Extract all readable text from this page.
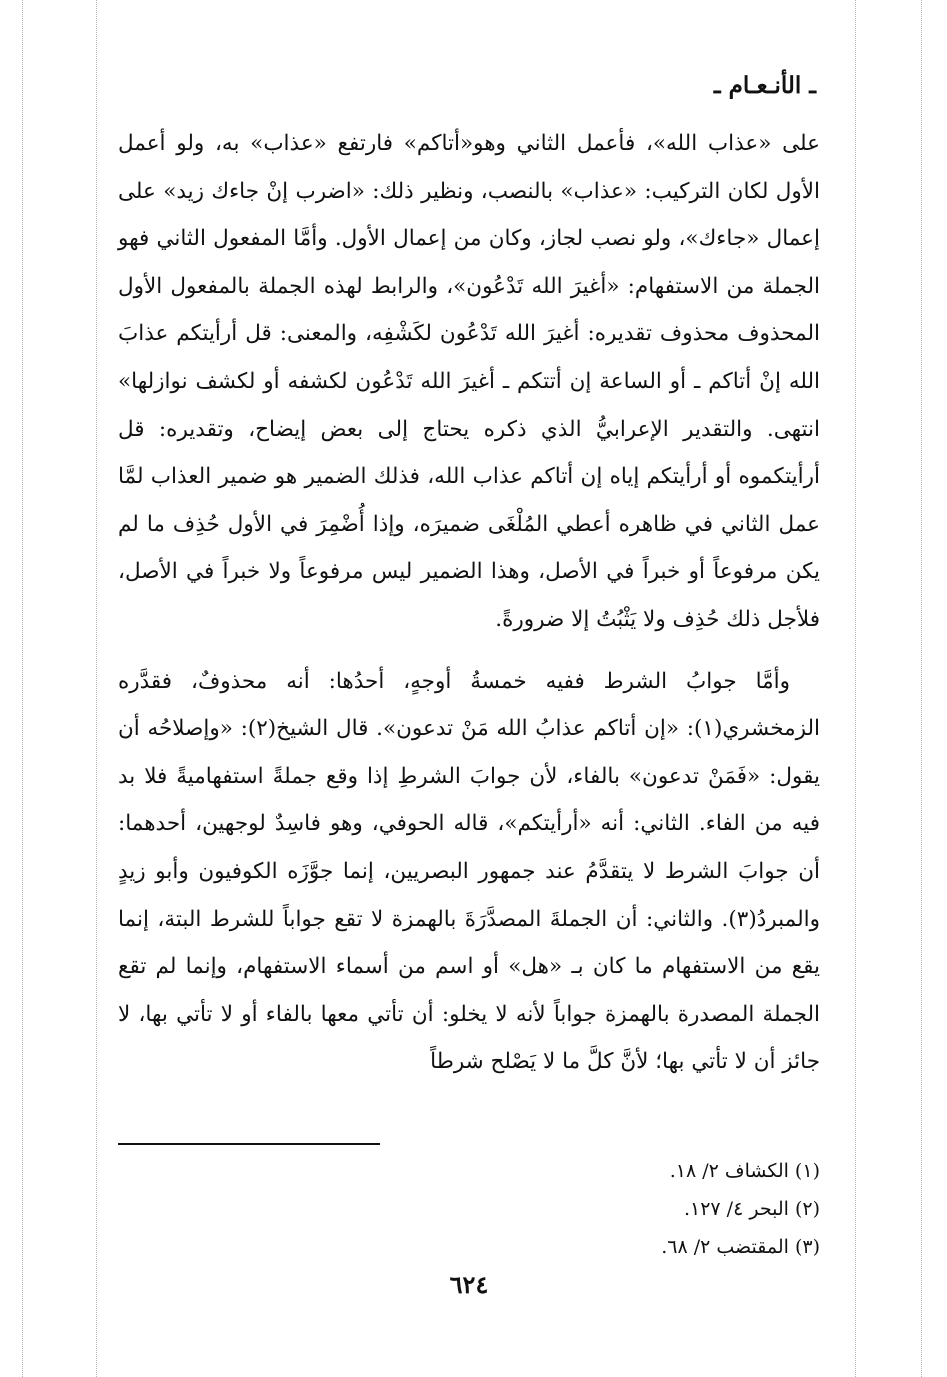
ـ الأنـعـام ـ

على «عذاب الله»، فأعمل الثاني وهو«أتاكم» فارتفع «عذاب» به، ولو أعمل الأول لكان التركيب: «عذاب» بالنصب، ونظير ذلك: «اضرب إنْ جاءك زيد» على إعمال «جاءك»، ولو نصب لجاز، وكان من إعمال الأول. وأمَّا المفعول الثاني فهو الجملة من الاستفهام: «أغيرَ الله تَدْعُون»، والرابط لهذه الجملة بالمفعول الأول المحذوف محذوف تقديره: أغيرَ الله تَدْعُون لكَشْفِه، والمعنى: قل أرأيتكم عذابَ الله إنْ أتاكم ـ أو الساعة إن أتتكم ـ أغيرَ الله تَدْعُون لكشفه أو لكشف نوازلها» انتهى. والتقدير الإعرابيُّ الذي ذكره يحتاج إلى بعض إيضاح، وتقديره: قل أرأيتكموه أو أرأيتكم إياه إن أتاكم عذاب الله، فذلك الضمير هو ضمير العذاب لمَّا عمل الثاني في ظاهره أعطي المُلْغَى ضميرَه، وإذا أُضْمِرَ في الأول حُذِف ما لم يكن مرفوعاً أو خبراً في الأصل، وهذا الضمير ليس مرفوعاً ولا خبراً في الأصل، فلأجل ذلك حُذِف ولا يَثْبُتُ إلا ضرورةً.

وأمَّا جوابُ الشرط ففيه خمسةُ أوجهٍ، أحدُها: أنه محذوفٌ، فقدَّره الزمخشري(١): «إن أتاكم عذابُ الله مَنْ تدعون». قال الشيخ(٢): «وإصلاحُه أن يقول: «فَمَنْ تدعون» بالفاء، لأن جوابَ الشرطِ إذا وقع جملةً استفهاميةً فلا بد فيه من الفاء. الثاني: أنه «أرأيتكم»، قاله الحوفي، وهو فاسِدٌ لوجهين، أحدهما: أن جوابَ الشرط لا يتقدَّمُ عند جمهور البصريين، إنما جوَّزَه الكوفيون وأبو زيدٍ والمبردُ(٣). والثاني: أن الجملةَ المصدَّرَةَ بالهمزة لا تقع جواباً للشرط البتة، إنما يقع من الاستفهام ما كان بـ «هل» أو اسم من أسماء الاستفهام، وإنما لم تقع الجملة المصدرة بالهمزة جواباً لأنه لا يخلو: أن تأتي معها بالفاء أو لا تأتي بها، لا جائز أن لا تأتي بها؛ لأنَّ كلَّ ما لا يَصْلح شرطاً

(١) الكشاف ٢/ ١٨.
(٢) البحر ٤/ ١٢٧.
(٣) المقتضب ٢/ ٦٨.
٦٢٤
